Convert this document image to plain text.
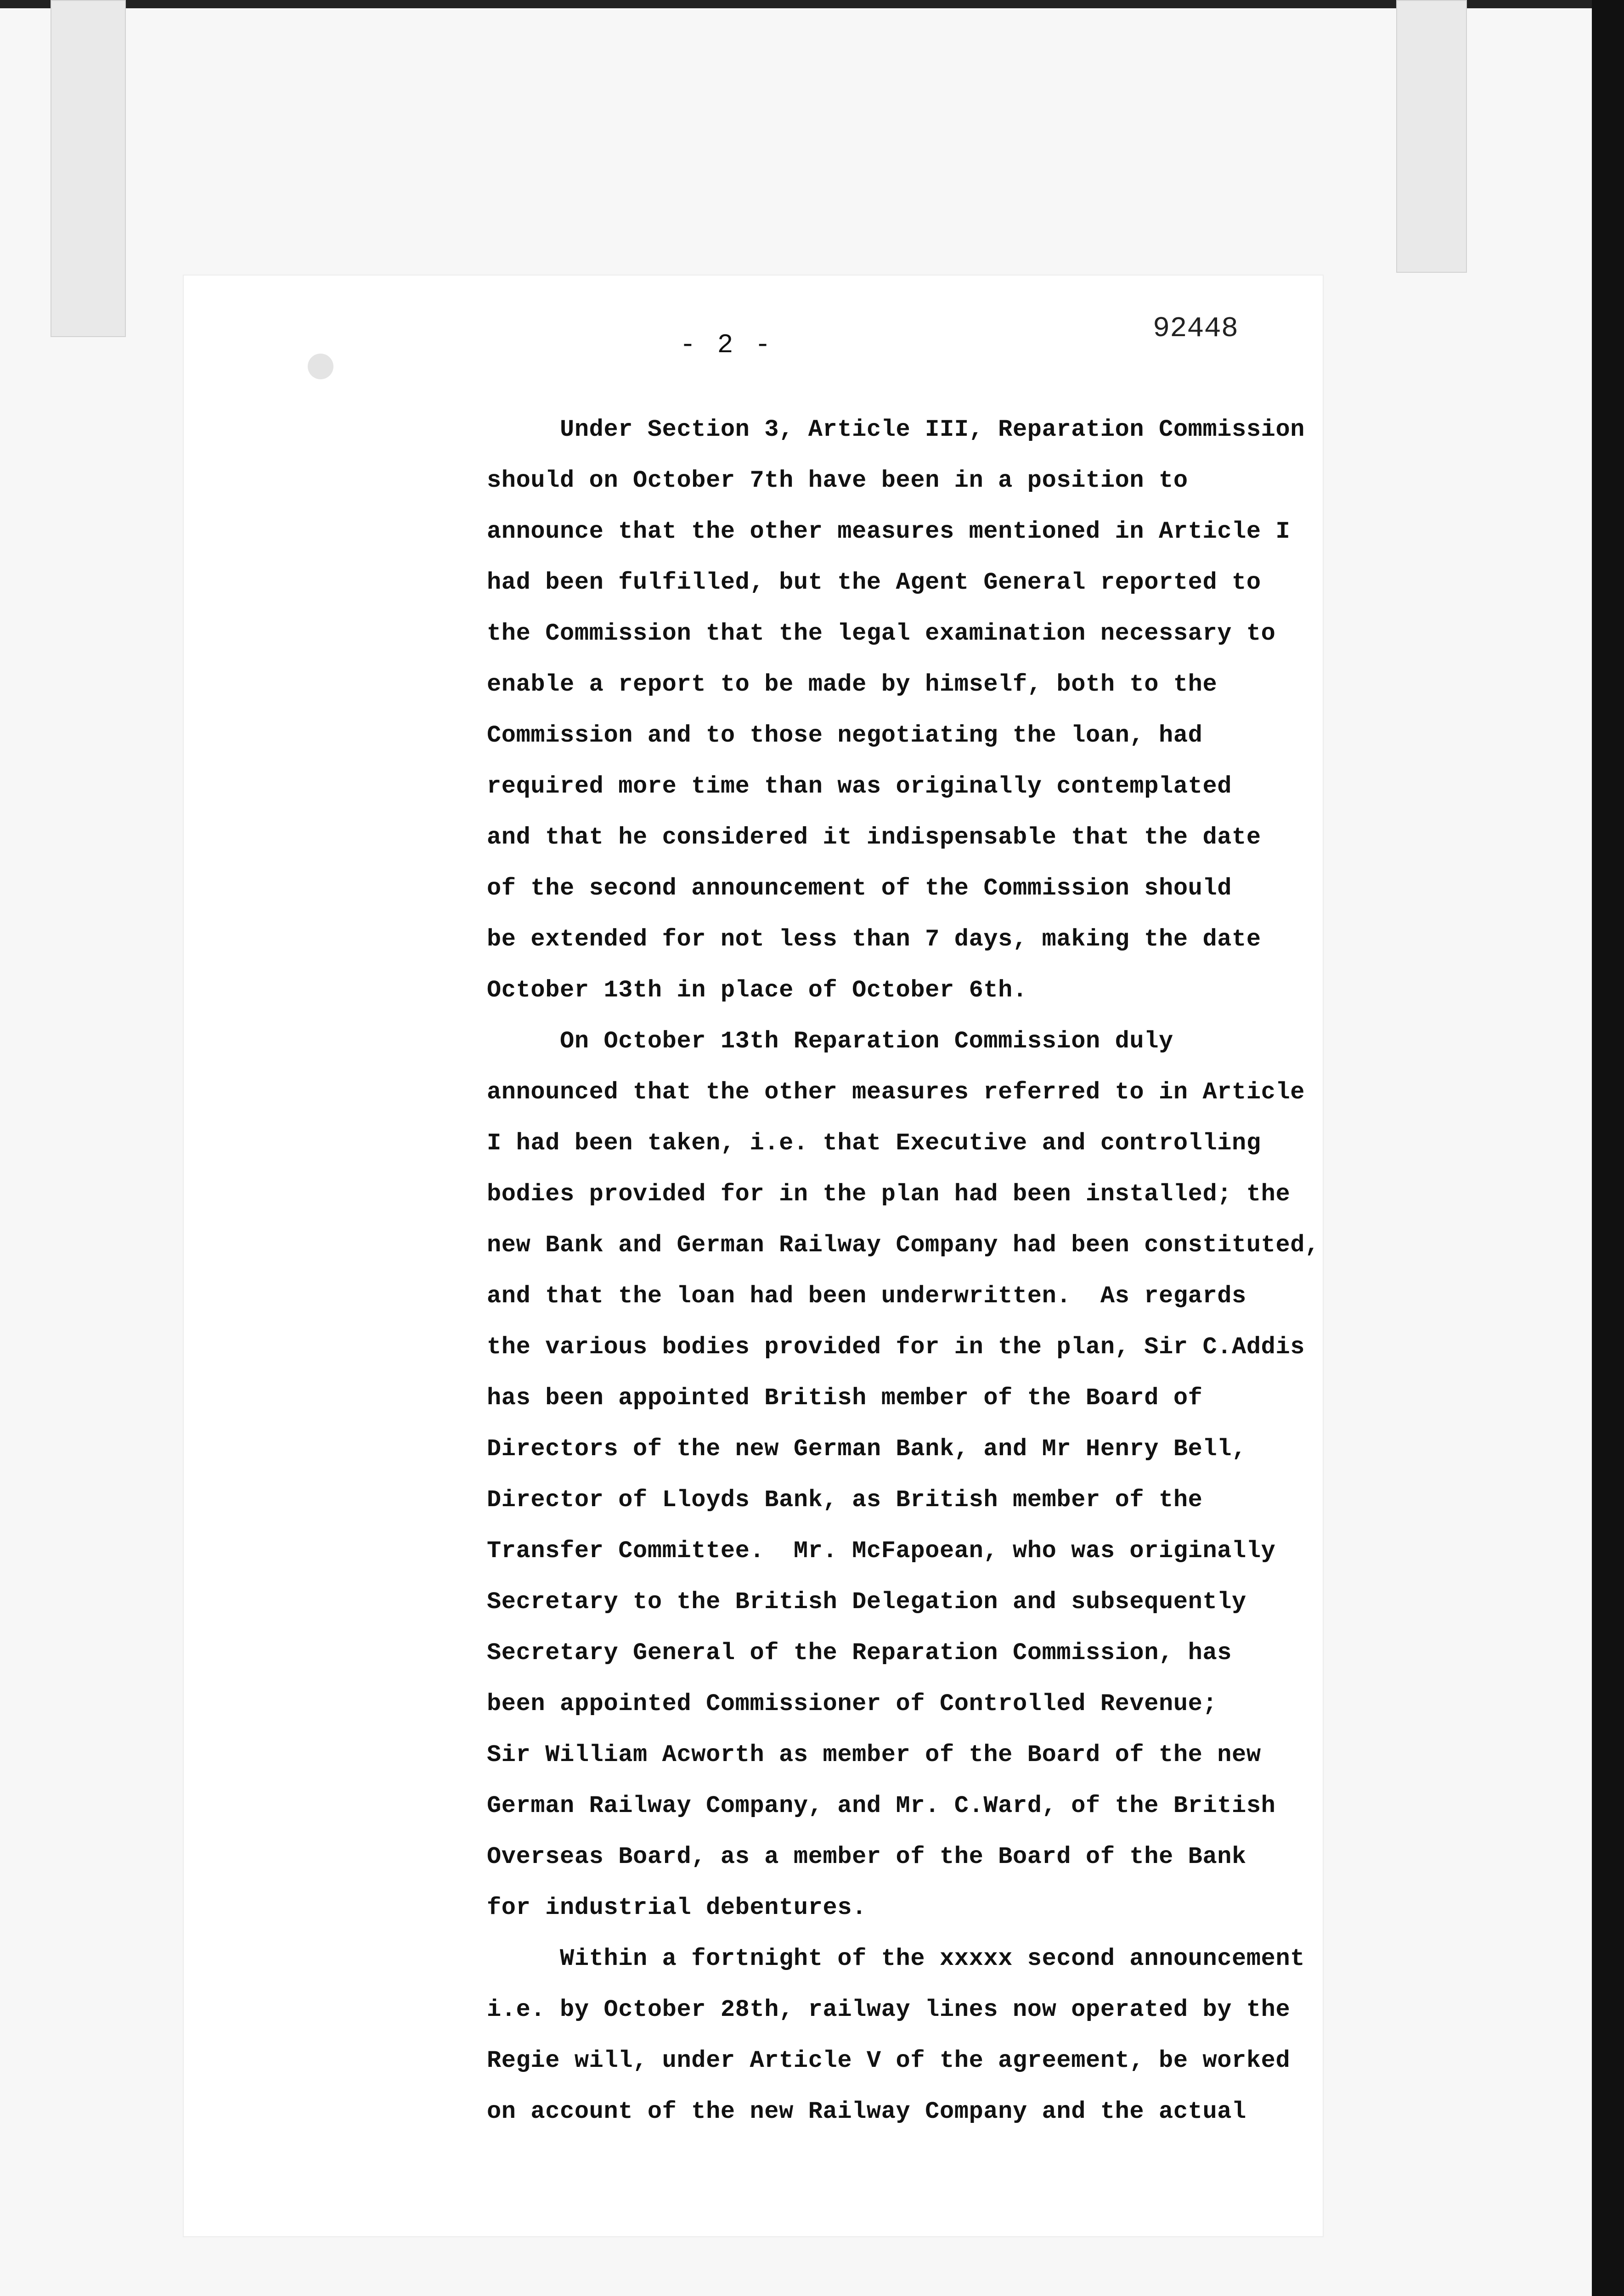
- 2 -
92448
Under Section 3, Article III, Reparation Commission
should on October 7th have been in a position to
announce that the other measures mentioned in Article I
had been fulfilled, but the Agent General reported to
the Commission that the legal examination necessary to
enable a report to be made by himself, both to the
Commission and to those negotiating the loan, had
required more time than was originally contemplated
and that he considered it indispensable that the date
of the second announcement of the Commission should
be extended for not less than 7 days, making the date
October 13th in place of October 6th.
On October 13th Reparation Commission duly
announced that the other measures referred to in Article
I had been taken, i.e. that Executive and controlling
bodies provided for in the plan had been installed; the
new Bank and German Railway Company had been constituted,
and that the loan had been underwritten.  As regards
the various bodies provided for in the plan, Sir C.Addis
has been appointed British member of the Board of
Directors of the new German Bank, and Mr Henry Bell,
Director of Lloyds Bank, as British member of the
Transfer Committee.  Mr. McFapoean, who was originally
Secretary to the British Delegation and subsequently
Secretary General of the Reparation Commission, has
been appointed Commissioner of Controlled Revenue;
Sir William Acworth as member of the Board of the new
German Railway Company, and Mr. C.Ward, of the British
Overseas Board, as a member of the Board of the Bank
for industrial debentures.
Within a fortnight of the xxxxx second announcement
i.e. by October 28th, railway lines now operated by the
Regie will, under Article V of the agreement, be worked
on account of the new Railway Company and the actual
